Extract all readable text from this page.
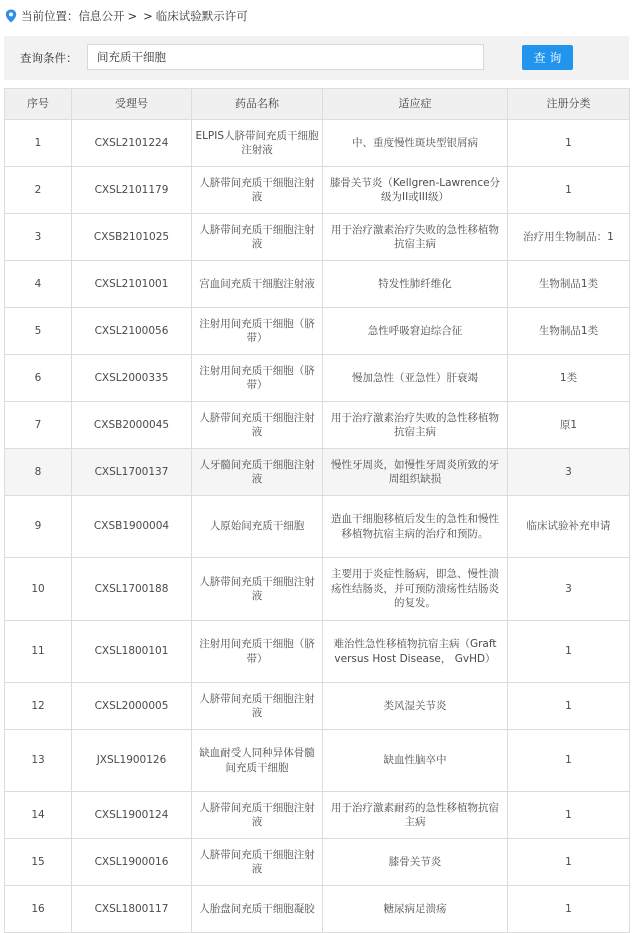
当前位置： 信息公开 > > 临床试验默示许可
查询条件：
间充质干细胞	查 询
序号	受理号	药品名称	适应症	注册分类
1	CXSL2101224	ELPIS人脐带间充质干细胞注射液	中、重度慢性斑块型银屑病	1
2	CXSL2101179	人脐带间充质干细胞注射液	膝骨关节炎（Kellgren-Lawrence分级为II或III级）	1
3	CXSB2101025	人脐带间充质干细胞注射液	用于治疗激素治疗失败的急性移植物抗宿主病	治疗用生物制品：1
4	CXSL2101001	宫血间充质干细胞注射液	特发性肺纤维化	生物制品1类
5	CXSL2100056	注射用间充质干细胞（脐带）	急性呼吸窘迫综合征	生物制品1类
6	CXSL2000335	注射用间充质干细胞（脐带）	慢加急性（亚急性）肝衰竭	1类
7	CXSB2000045	人脐带间充质干细胞注射液	用于治疗激素治疗失败的急性移植物抗宿主病	原1
8	CXSL1700137	人牙髓间充质干细胞注射液	慢性牙周炎，如慢性牙周炎所致的牙周组织缺损	3
9	CXSB1900004	人原始间充质干细胞	造血干细胞移植后发生的急性和慢性移植物抗宿主病的治疗和预防。	临床试验补充申请
10	CXSL1700188	人脐带间充质干细胞注射液	主要用于炎症性肠病，即急、慢性溃疡性结肠炎，并可预防溃疡性结肠炎的复发。	3
11	CXSL1800101	注射用间充质干细胞（脐带）	难治性急性移植物抗宿主病（Graft versus Host Disease， GvHD）	1
12	CXSL2000005	人脐带间充质干细胞注射液	类风湿关节炎	1
13	JXSL1900126	缺血耐受人同种异体骨髓间充质干细胞	缺血性脑卒中	1
14	CXSL1900124	人脐带间充质干细胞注射液	用于治疗激素耐药的急性移植物抗宿主病	1
15	CXSL1900016	人脐带间充质干细胞注射液	膝骨关节炎	1
16	CXSL1800117	人胎盘间充质干细胞凝胶	糖尿病足溃疡	1
